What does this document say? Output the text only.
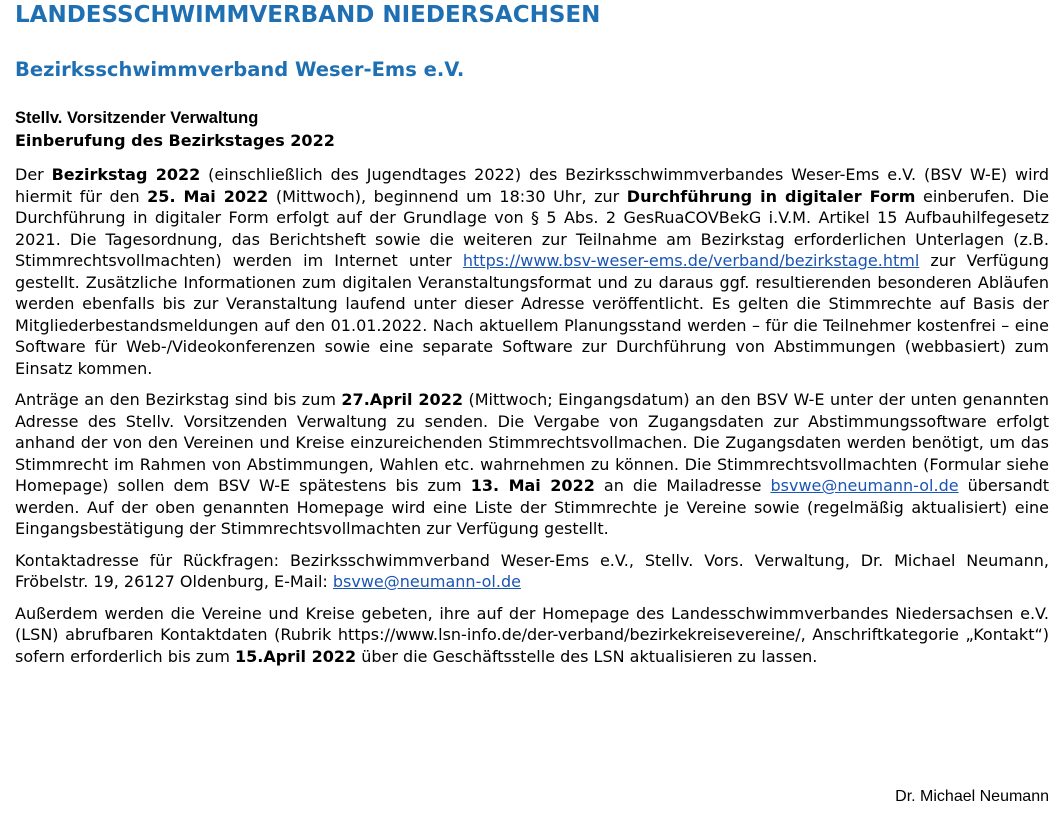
LANDESSCHWIMMVERBAND NIEDERSACHSEN
Bezirksschwimmverband Weser-Ems e.V.
Stellv. Vorsitzender Verwaltung
Einberufung des Bezirkstages 2022

Der Bezirkstag 2022 (einschließlich des Jugendtages 2022) des Bezirksschwimmverbandes Weser-Ems e.V. (BSV W-E) wird hiermit für den 25. Mai 2022 (Mittwoch), beginnend um 18:30 Uhr, zur Durchführung in digitaler Form einberufen. Die Durchführung in digitaler Form erfolgt auf der Grundlage von § 5 Abs. 2 GesRuaCOVBekG i.V.M. Artikel 15 Aufbauhilfegesetz 2021. Die Tagesordnung, das Berichtsheft sowie die weiteren zur Teilnahme am Bezirkstag erforderlichen Unterlagen (z.B. Stimmrechtsvollmachten) werden im Internet unter https://www.bsv-weser-ems.de/verband/bezirkstage.html zur Verfügung gestellt. Zusätzliche Informationen zum digitalen Veranstaltungsformat und zu daraus ggf. resultierenden besonderen Abläufen werden ebenfalls bis zur Veranstaltung laufend unter dieser Adresse veröffentlicht. Es gelten die Stimmrechte auf Basis der Mitgliederbestandsmeldungen auf den 01.01.2022. Nach aktuellem Planungsstand werden – für die Teilnehmer kostenfrei – eine Software für Web-/Videokonferenzen sowie eine separate Software zur Durchführung von Abstimmungen (webbasiert) zum Einsatz kommen.

Anträge an den Bezirkstag sind bis zum 27.April 2022 (Mittwoch; Eingangsdatum) an den BSV W-E unter der unten genannten Adresse des Stellv. Vorsitzenden Verwaltung zu senden. Die Vergabe von Zugangsdaten zur Abstimmungssoftware erfolgt anhand der von den Vereinen und Kreise einzureichenden Stimmrechtsvollmachen. Die Zugangsdaten werden benötigt, um das Stimmrecht im Rahmen von Abstimmungen, Wahlen etc. wahrnehmen zu können. Die Stimmrechtsvollmachten (Formular siehe Homepage) sollen dem BSV W-E spätestens bis zum 13. Mai 2022 an die Mailadresse bsvwe@neumann-ol.de übersandt werden. Auf der oben genannten Homepage wird eine Liste der Stimmrechte je Vereine sowie (regelmäßig aktualisiert) eine Eingangsbestätigung der Stimmrechtsvollmachten zur Verfügung gestellt.

Kontaktadresse für Rückfragen: Bezirksschwimmverband Weser-Ems e.V., Stellv. Vors. Verwaltung, Dr. Michael Neumann, Fröbelstr. 19, 26127 Oldenburg, E-Mail: bsvwe@neumann-ol.de

Außerdem werden die Vereine und Kreise gebeten, ihre auf der Homepage des Landesschwimmverbandes Niedersachsen e.V. (LSN) abrufbaren Kontaktdaten (Rubrik https://www.lsn-info.de/der-verband/bezirkekreisevereine/, Anschriftkategorie „Kontakt“) sofern erforderlich bis zum 15.April 2022 über die Geschäftsstelle des LSN aktualisieren zu lassen.

Dr. Michael Neumann
